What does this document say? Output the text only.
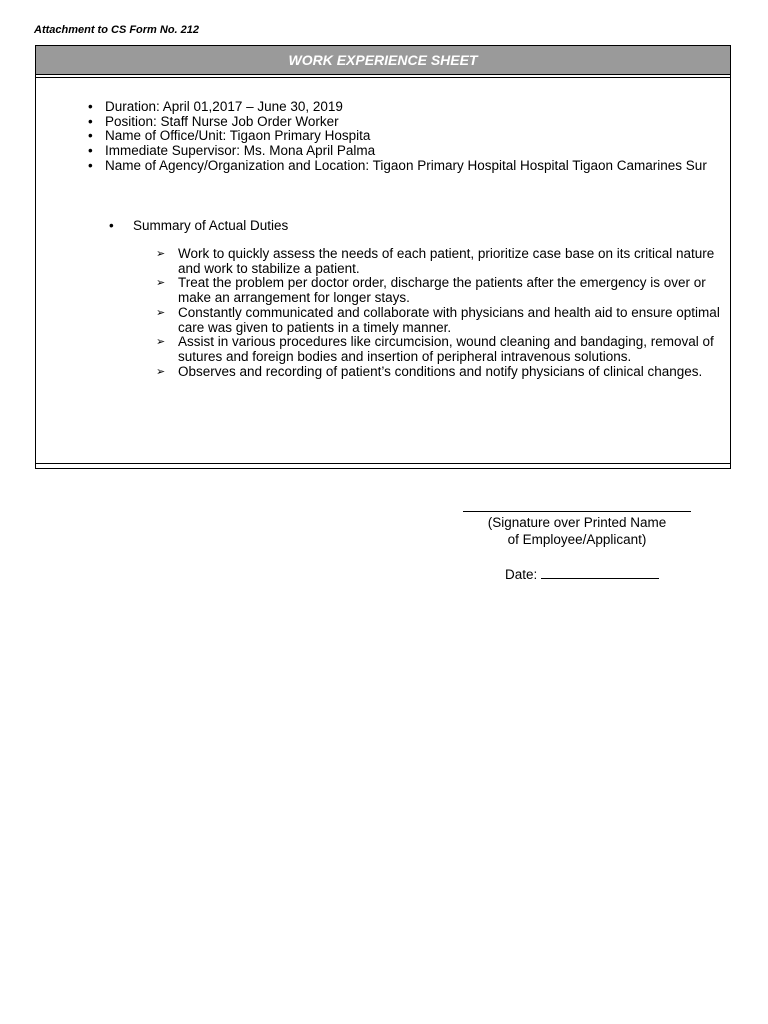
Attachment to CS Form No. 212
WORK EXPERIENCE SHEET
• Duration: April 01,2017 – June 30, 2019
• Position: Staff Nurse Job Order Worker
• Name of Office/Unit: Tigaon Primary Hospita
• Immediate Supervisor: Ms. Mona April Palma
• Name of Agency/Organization and Location: Tigaon Primary Hospital Hospital Tigaon Camarines Sur
• Summary of Actual Duties
➢ Work to quickly assess the needs of each patient, prioritize case base on its critical nature and work to stabilize a patient.
➢ Treat the problem per doctor order, discharge the patients after the emergency is over or make an arrangement for longer stays.
➢ Constantly communicated and collaborate with physicians and health aid to ensure optimal care was given to patients in a timely manner.
➢ Assist in various procedures like circumcision, wound cleaning and bandaging, removal of sutures and foreign bodies and insertion of peripheral intravenous solutions.
➢ Observes and recording of patient’s conditions and notify physicians of clinical changes.

(Signature over Printed Name

of Employee/Applicant)

Date:
